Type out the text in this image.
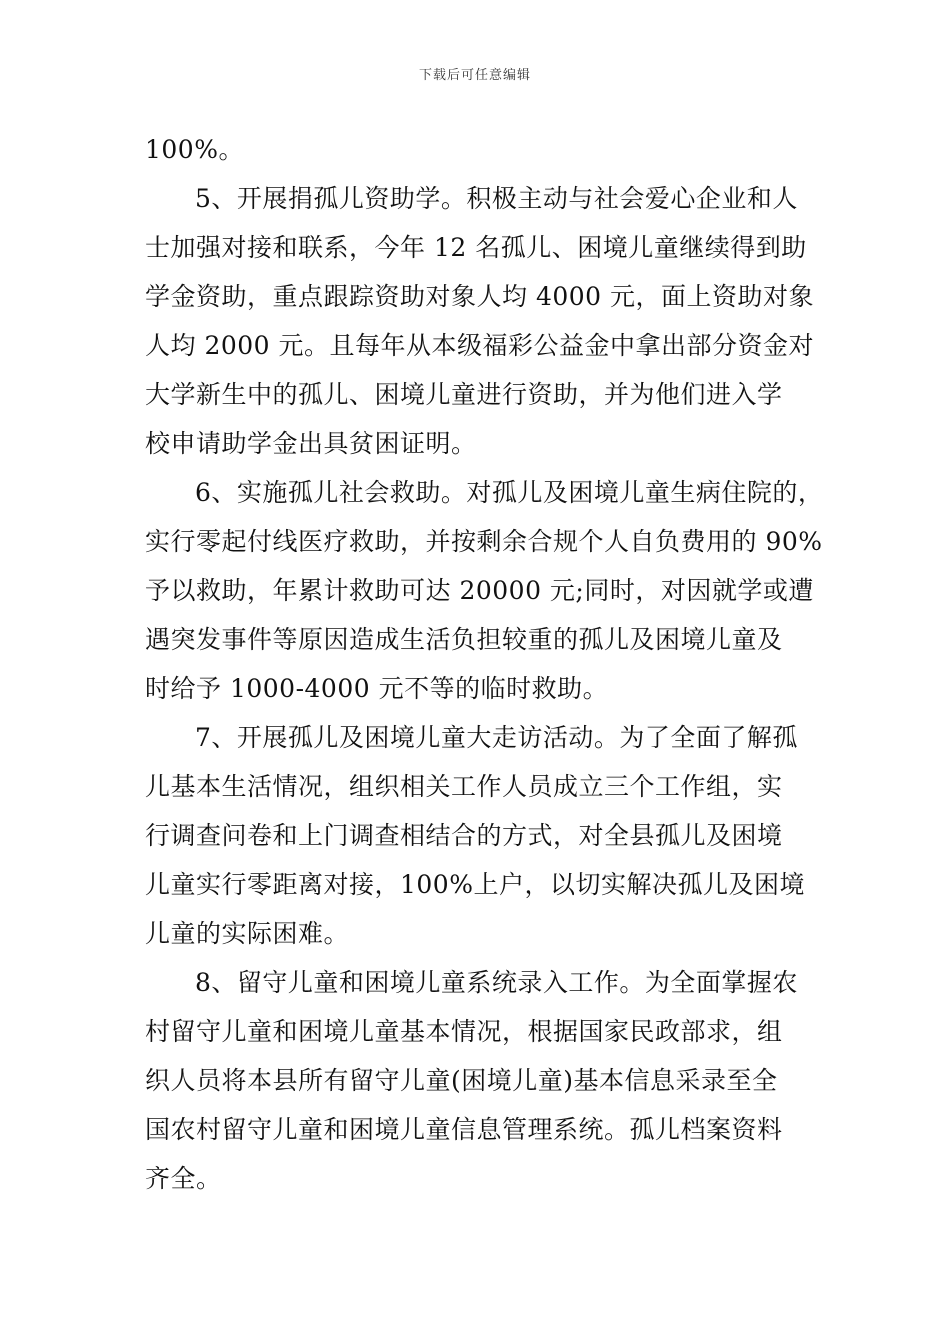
下载后可任意编辑
100%。
5、开展捐孤儿资助学。积极主动与社会爱心企业和人
士加强对接和联系，今年 12 名孤儿、困境儿童继续得到助
学金资助，重点跟踪资助对象人均 4000 元，面上资助对象
人均 2000 元。且每年从本级福彩公益金中拿出部分资金对
大学新生中的孤儿、困境儿童进行资助，并为他们进入学
校申请助学金出具贫困证明。
6、实施孤儿社会救助。对孤儿及困境儿童生病住院的，
实行零起付线医疗救助，并按剩余合规个人自负费用的 90%
予以救助，年累计救助可达 20000 元;同时，对因就学或遭
遇突发事件等原因造成生活负担较重的孤儿及困境儿童及
时给予 1000-4000 元不等的临时救助。
7、开展孤儿及困境儿童大走访活动。为了全面了解孤
儿基本生活情况，组织相关工作人员成立三个工作组，实
行调查问卷和上门调查相结合的方式，对全县孤儿及困境
儿童实行零距离对接，100%上户，以切实解决孤儿及困境
儿童的实际困难。
8、留守儿童和困境儿童系统录入工作。为全面掌握农
村留守儿童和困境儿童基本情况，根据国家民政部求，组
织人员将本县所有留守儿童(困境儿童)基本信息采录至全
国农村留守儿童和困境儿童信息管理系统。孤儿档案资料
齐全。
